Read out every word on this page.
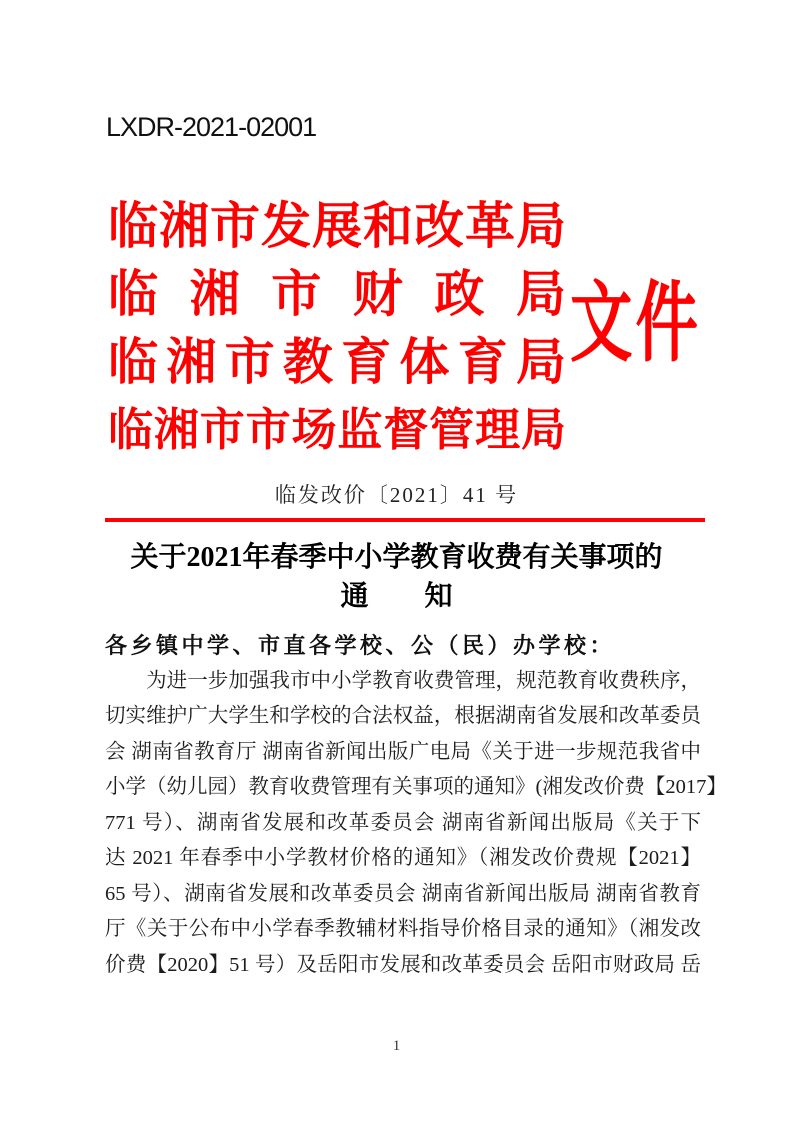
LXDR-2021-02001
临湘市发展和改革局
临湘市财政局
临湘市教育体育局
临湘市市场监督管理局
文件
临发改价〔2021〕41 号
关于2021年春季中小学教育收费有关事项的
通　　知
各乡镇中学、市直各学校、公（民）办学校：
　　为进一步加强我市中小学教育收费管理，规范教育收费秩序，
切实维护广大学生和学校的合法权益，根据湖南省发展和改革委员
会 湖南省教育厅 湖南省新闻出版广电局《关于进一步规范我省中
小学（幼儿园）教育收费管理有关事项的通知》(湘发改价费【2017】
771 号）、湖南省发展和改革委员会 湖南省新闻出版局《关于下
达 2021 年春季中小学教材价格的通知》（湘发改价费规【2021】
65 号）、湖南省发展和改革委员会 湖南省新闻出版局 湖南省教育
厅《关于公布中小学春季教辅材料指导价格目录的通知》（湘发改
价费【2020】51 号）及岳阳市发展和改革委员会 岳阳市财政局 岳
1
